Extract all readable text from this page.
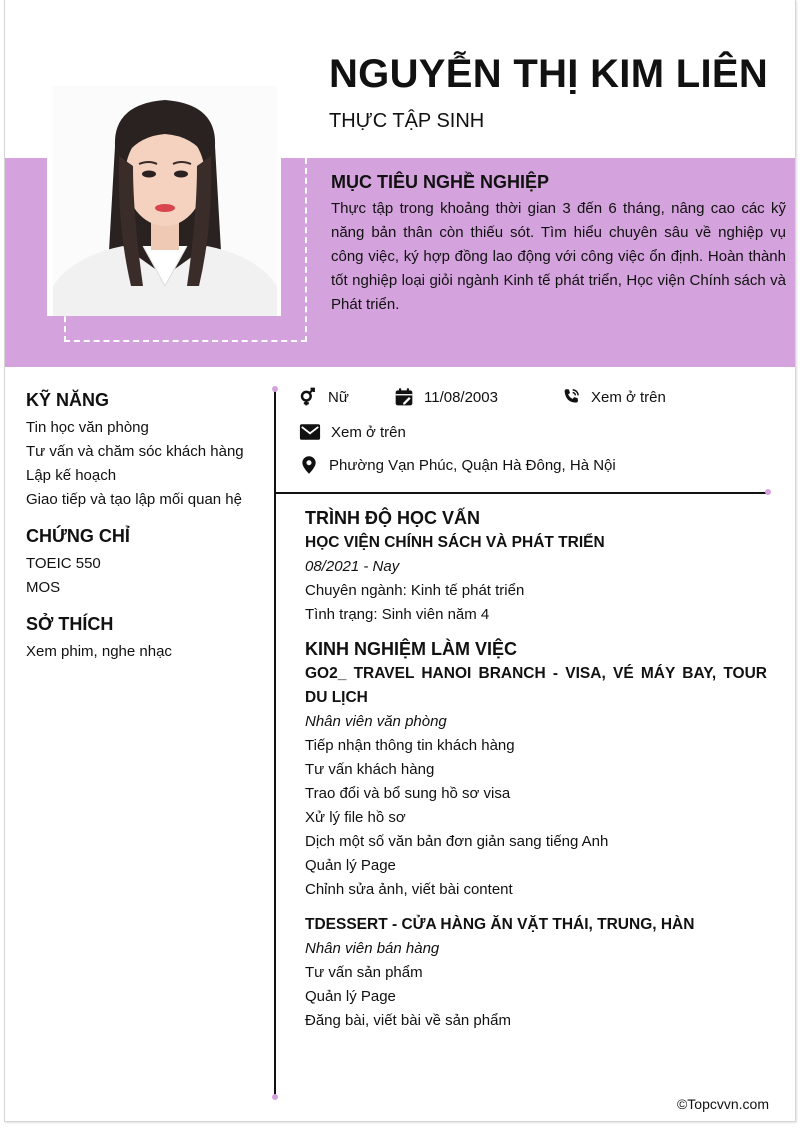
NGUYỄN THỊ KIM LIÊN
THỰC TẬP SINH
MỤC TIÊU NGHỀ NGHIỆP

Thực tập trong khoảng thời gian 3 đến 6 tháng, nâng cao các kỹ năng bản thân còn thiếu sót. Tìm hiểu chuyên sâu về nghiệp vụ công việc, ký hợp đồng lao động với công việc ổn định. Hoàn thành tốt nghiệp loại giỏi ngành Kinh tế phát triển, Học viện Chính sách và Phát triển.

KỸ NĂNG
Tin học văn phòng
Tư vấn và chăm sóc khách hàng
Lập kế hoạch
Giao tiếp và tạo lập mối quan hệ
CHỨNG CHỈ
TOEIC 550
MOS
SỞ THÍCH
Xem phim, nghe nhạc
Nữ	11/08/2003	Xem ở trên
Xem ở trên
Phường Vạn Phúc, Quận Hà Đông, Hà Nội
TRÌNH ĐỘ HỌC VẤN
HỌC VIỆN CHÍNH SÁCH VÀ PHÁT TRIỂN
08/2021 - Nay
Chuyên ngành: Kinh tế phát triển
Tình trạng: Sinh viên năm 4
KINH NGHIỆM LÀM VIỆC
GO2_ TRAVEL HANOI BRANCH - VISA, VÉ MÁY BAY, TOUR DU LỊCH
Nhân viên văn phòng
Tiếp nhận thông tin khách hàng
Tư vấn khách hàng
Trao đổi và bổ sung hồ sơ visa
Xử lý file hồ sơ
Dịch một số văn bản đơn giản sang tiếng Anh
Quản lý Page
Chỉnh sửa ảnh, viết bài content
TDESSERT - CỬA HÀNG ĂN VẶT THÁI, TRUNG, HÀN
Nhân viên bán hàng
Tư vấn sản phẩm
Quản lý Page
Đăng bài, viết bài về sản phẩm
©Topcvvn.com
